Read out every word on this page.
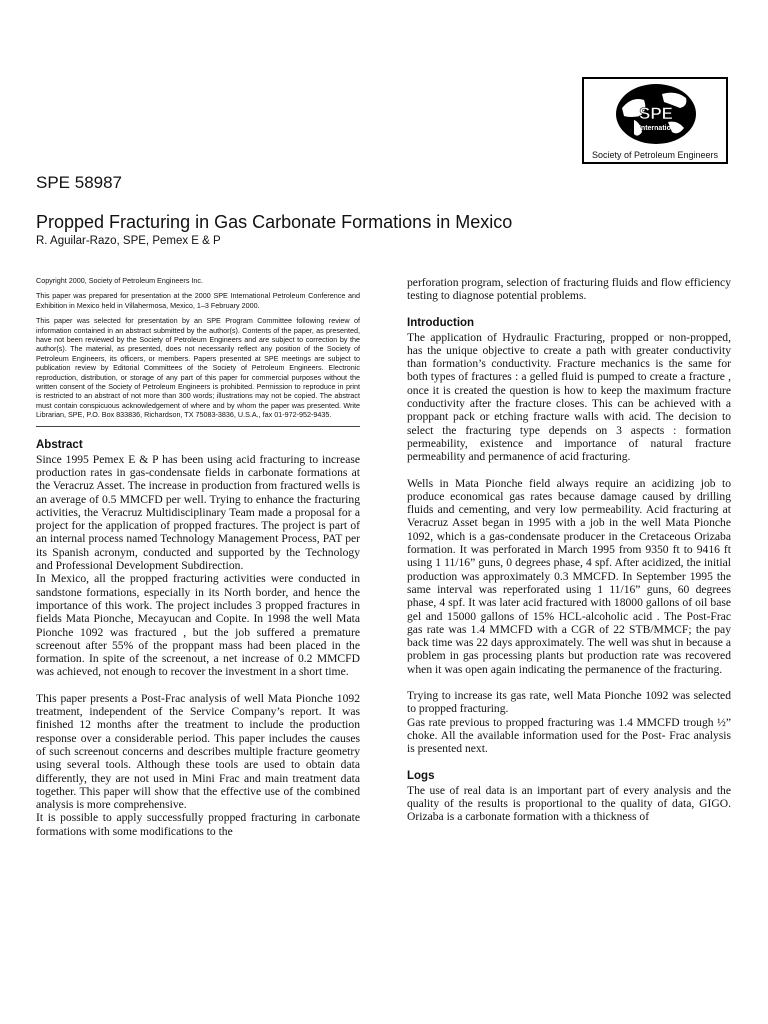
SPE
International
Society of Petroleum Engineers
SPE 58987
Propped Fracturing in Gas Carbonate Formations in Mexico
R. Aguilar-Razo, SPE, Pemex E & P

Copyright 2000, Society of Petroleum Engineers Inc.

This paper was prepared for presentation at the 2000 SPE International Petroleum Conference and Exhibition in Mexico held in Villahermosa, Mexico, 1–3 February 2000.

This paper was selected for presentation by an SPE Program Committee following review of information contained in an abstract submitted by the author(s). Contents of the paper, as presented, have not been reviewed by the Society of Petroleum Engineers and are subject to correction by the author(s). The material, as presented, does not necessarily reflect any position of the Society of Petroleum Engineers, its officers, or members. Papers presented at SPE meetings are subject to publication review by Editorial Committees of the Society of Petroleum Engineers. Electronic reproduction, distribution, or storage of any part of this paper for commercial purposes without the written consent of the Society of Petroleum Engineers is prohibited. Permission to reproduce in print is restricted to an abstract of not more than 300 words; illustrations may not be copied. The abstract must contain conspicuous acknowledgement of where and by whom the paper was presented. Write Librarian, SPE, P.O. Box 833836, Richardson, TX 75083-3836, U.S.A., fax 01-972-952-9435.

Abstract

Since 1995 Pemex E & P has been using acid fracturing to increase production rates in gas-condensate fields in carbonate formations at the Veracruz Asset. The increase in production from fractured wells is an average of 0.5 MMCFD per well. Trying to enhance the fracturing activities, the Veracruz Multidisciplinary Team made a proposal for a project for the application of propped fractures. The project is part of an internal process named Technology Management Process, PAT per its Spanish acronym, conducted and supported by the Technology and Professional Development Subdirection.

In Mexico, all the propped fracturing activities were conducted in sandstone formations, especially in its North border, and hence the importance of this work. The project includes 3 propped fractures in fields Mata Pionche, Mecayucan and Copite. In 1998 the well Mata Pionche 1092 was fractured , but the job suffered a premature screenout after 55% of the proppant mass had been placed in the formation. In spite of the screenout, a net increase of 0.2 MMCFD was achieved, not enough to recover the investment in a short time.

This paper presents a Post-Frac analysis of well Mata Pionche 1092 treatment, independent of the Service Company’s report. It was finished 12 months after the treatment to include the production response over a considerable period. This paper includes the causes of such screenout concerns and describes multiple fracture geometry using several tools. Although these tools are used to obtain data differently, they are not used in Mini Frac and main treatment data together. This paper will show that the effective use of the combined analysis is more comprehensive.

It is possible to apply successfully propped fracturing in carbonate formations with some modifications to the

perforation program, selection of fracturing fluids and flow efficiency testing to diagnose potential problems.

Introduction

The application of Hydraulic Fracturing, propped or non-propped, has the unique objective to create a path with greater conductivity than formation’s conductivity. Fracture mechanics is the same for both types of fractures : a gelled fluid is pumped to create a fracture , once it is created the question is how to keep the maximum fracture conductivity after the fracture closes. This can be achieved with a proppant pack or etching fracture walls with acid. The decision to select the fracturing type depends on 3 aspects : formation permeability, existence and importance of natural fracture permeability and permanence of acid fracturing.

Wells in Mata Pionche field always require an acidizing job to produce economical gas rates because damage caused by drilling fluids and cementing, and very low permeability. Acid fracturing at Veracruz Asset began in 1995 with a job in the well Mata Pionche 1092, which is a gas-condensate producer in the Cretaceous Orizaba formation. It was perforated in March 1995 from 9350 ft to 9416 ft using 1 11/16” guns, 0 degrees phase, 4 spf. After acidized, the initial production was approximately 0.3 MMCFD. In September 1995 the same interval was reperforated using 1 11/16” guns, 60 degrees phase, 4 spf. It was later acid fractured with 18000 gallons of oil base gel and 15000 gallons of 15% HCL-alcoholic acid . The Post-Frac gas rate was 1.4 MMCFD with a CGR of 22 STB/MMCF; the pay back time was 22 days approximately. The well was shut in because a problem in gas processing plants but production rate was recovered when it was open again indicating the permanence of the fracturing.

Trying to increase its gas rate, well Mata Pionche 1092 was selected to propped fracturing.

Gas rate previous to propped fracturing was 1.4 MMCFD trough ½” choke. All the available information used for the Post- Frac analysis is presented next.

Logs

The use of real data is an important part of every analysis and the quality of the results is proportional to the quality of data, GIGO. Orizaba is a carbonate formation with a thickness of
